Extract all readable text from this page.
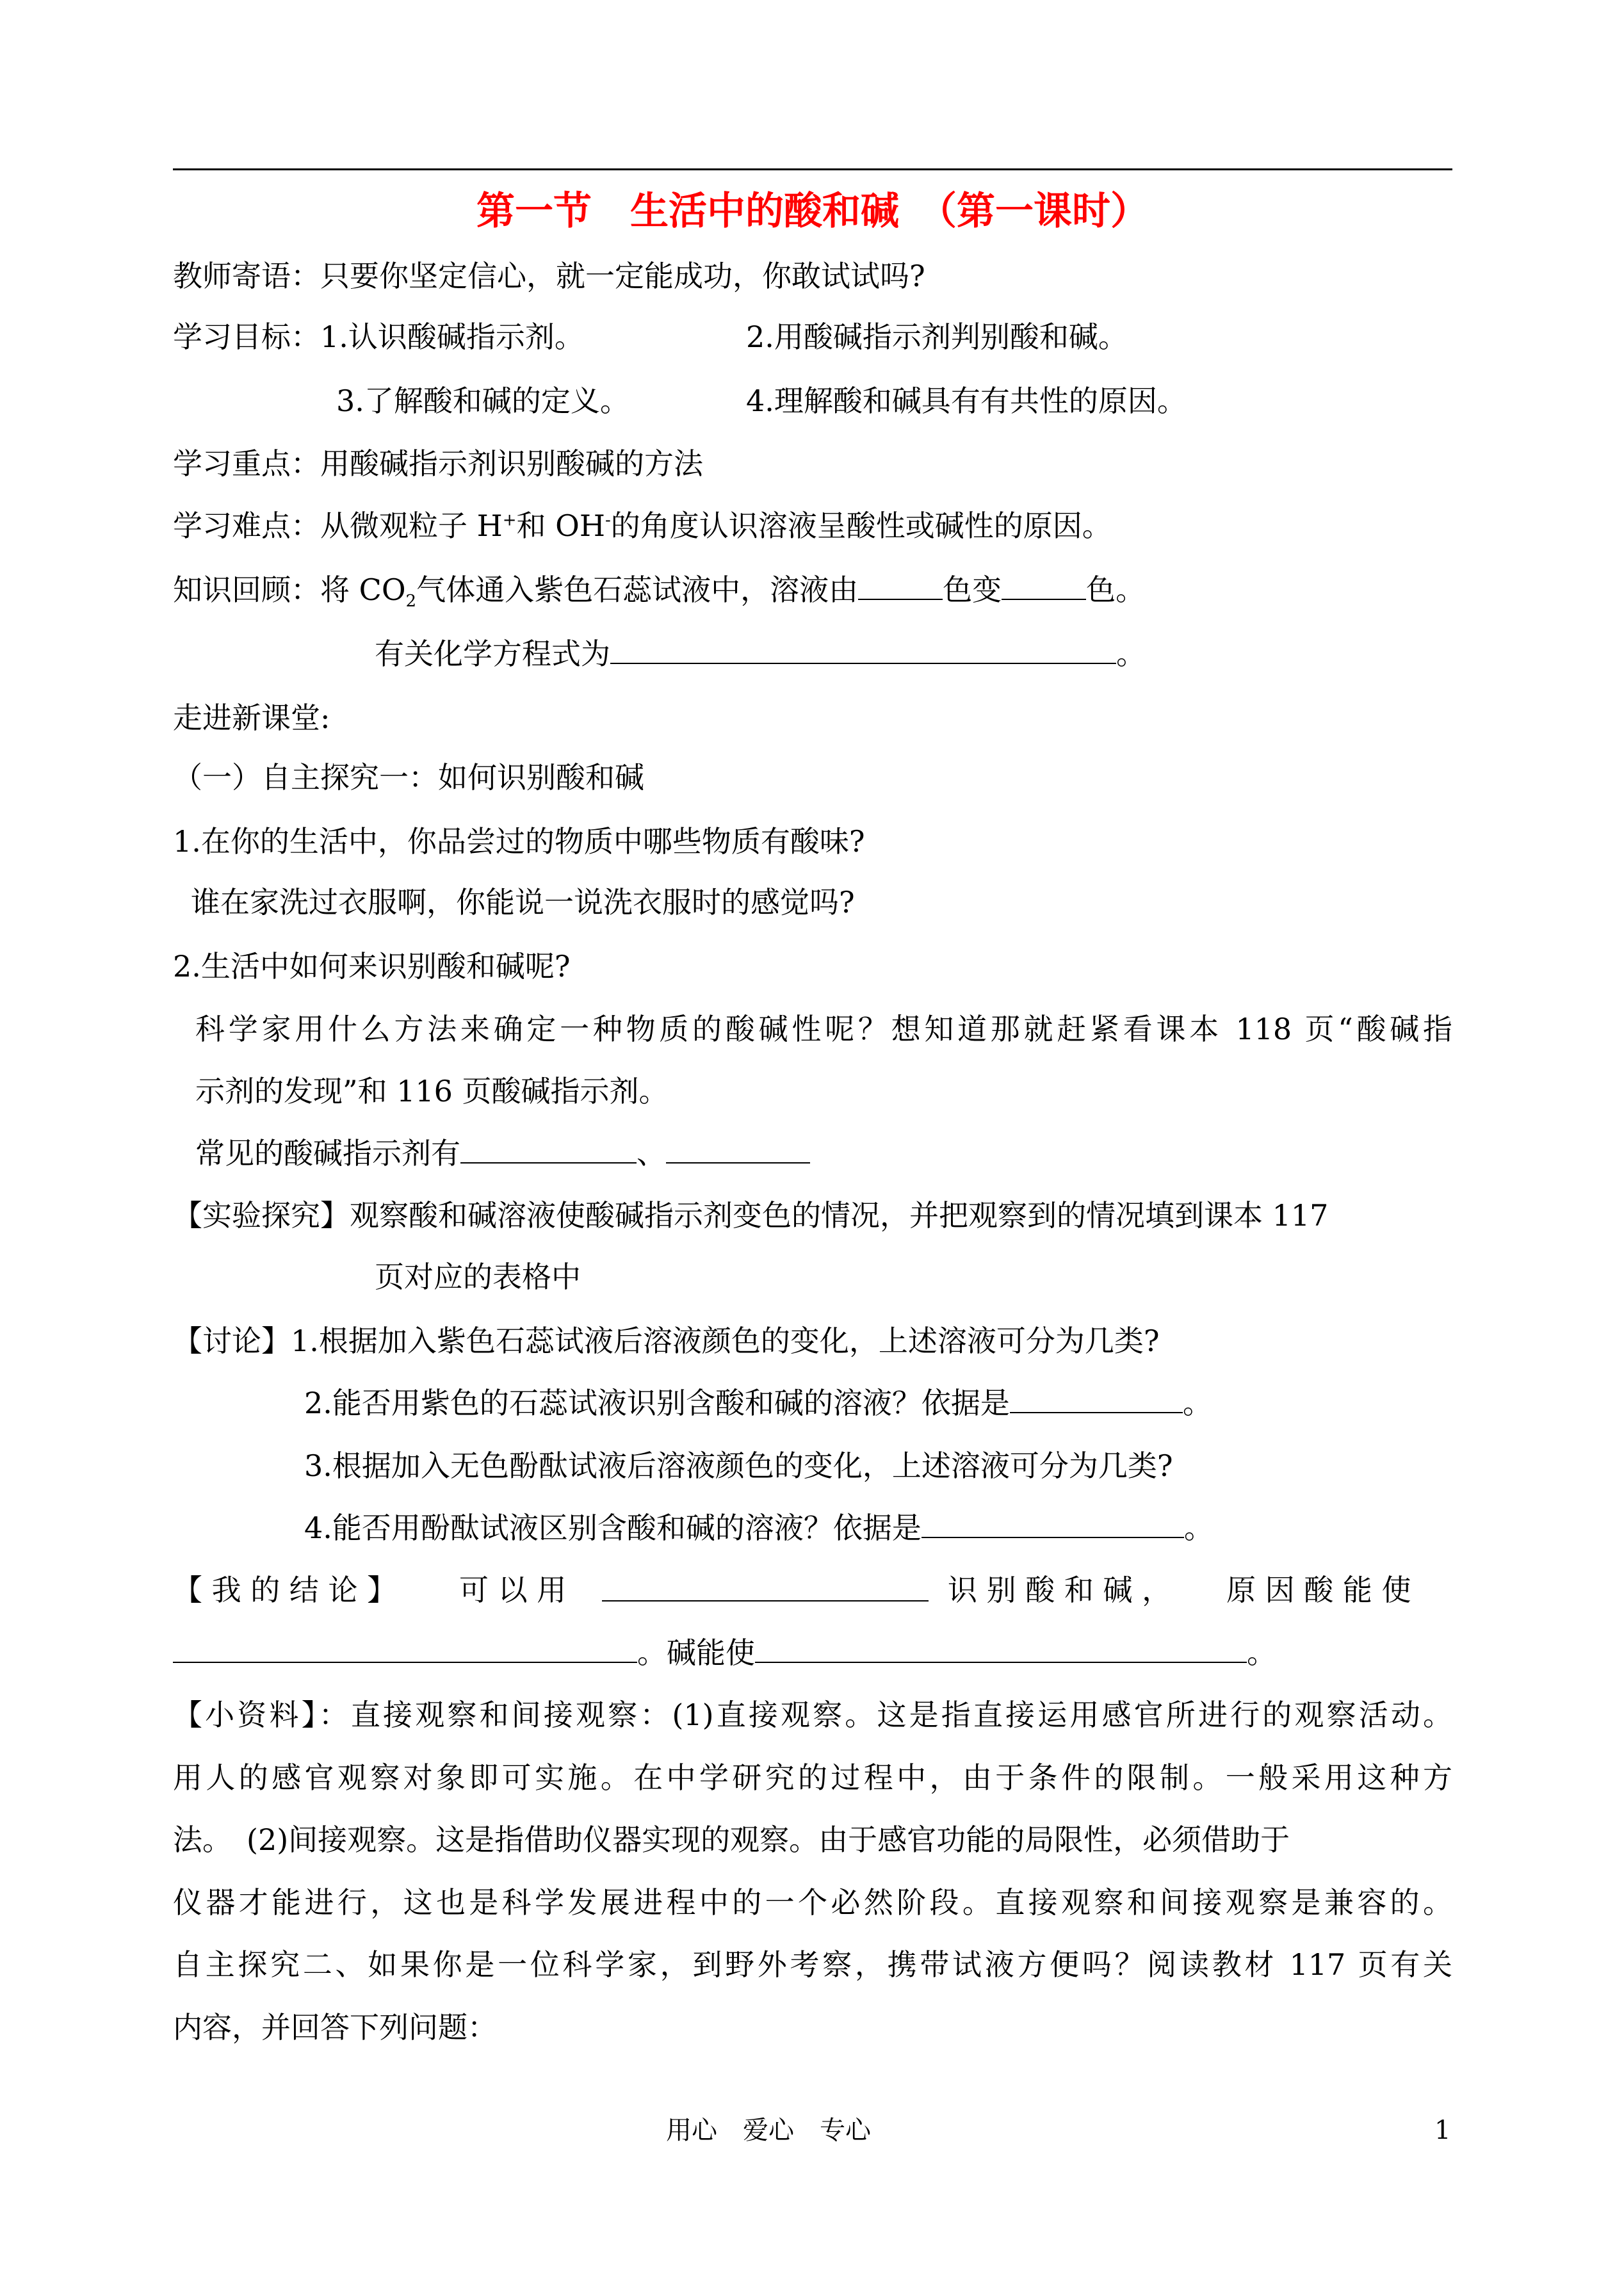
第一节　生活中的酸和碱　（第一课时）
教师寄语：只要你坚定信心，就一定能成功，你敢试试吗?
学习目标：1.认识酸碱指示剂。	2.用酸碱指示剂判别酸和碱。
3.了解酸和碱的定义。	4.理解酸和碱具有有共性的原因。
学习重点：用酸碱指示剂识别酸碱的方法
学习难点：从微观粒子 H+和 OH-的角度认识溶液呈酸性或碱性的原因。
知识回顾：将 $CO_2$气体通入紫色石蕊试液中，溶液由	色变	色。
有关化学方程式为	。
走进新课堂:
（一）自主探究一：如何识别酸和碱
1.在你的生活中，你品尝过的物质中哪些物质有酸味?
谁在家洗过衣服啊，你能说一说洗衣服时的感觉吗?
2.生活中如何来识别酸和碱呢?
科学家用什么方法来确定一种物质的酸碱性呢？想知道那就赶紧看课本 118 页“酸碱指
示剂的发现”和 116 页酸碱指示剂。
常见的酸碱指示剂有	、
【实验探究】观察酸和碱溶液使酸碱指示剂变色的情况，并把观察到的情况填到课本 117
页对应的表格中
【讨论】1.根据加入紫色石蕊试液后溶液颜色的变化，上述溶液可分为几类?
2.能否用紫色的石蕊试液识别含酸和碱的溶液？依据是	。
3.根据加入无色酚酞试液后溶液颜色的变化，上述溶液可分为几类?
4.能否用酚酞试液区别含酸和碱的溶液？依据是	。
【 我 的 结 论 】 可 以 用	识 别 酸 和 碱 ， 原 因 酸 能 使
。碱能使	。
【小资料】：直接观察和间接观察：(1)直接观察。这是指直接运用感官所进行的观察活动。
用人的感官观察对象即可实施。在中学研究的过程中，由于条件的限制。一般采用这种方
法。　(2)间接观察。这是指借助仪器实现的观察。由于感官功能的局限性，必须借助于
仪器才能进行，这也是科学发展进程中的一个必然阶段。直接观察和间接观察是兼容的。
自主探究二、如果你是一位科学家，到野外考察，携带试液方便吗？阅读教材 117 页有关
内容，并回答下列问题：
用心　爱心　专心	1
